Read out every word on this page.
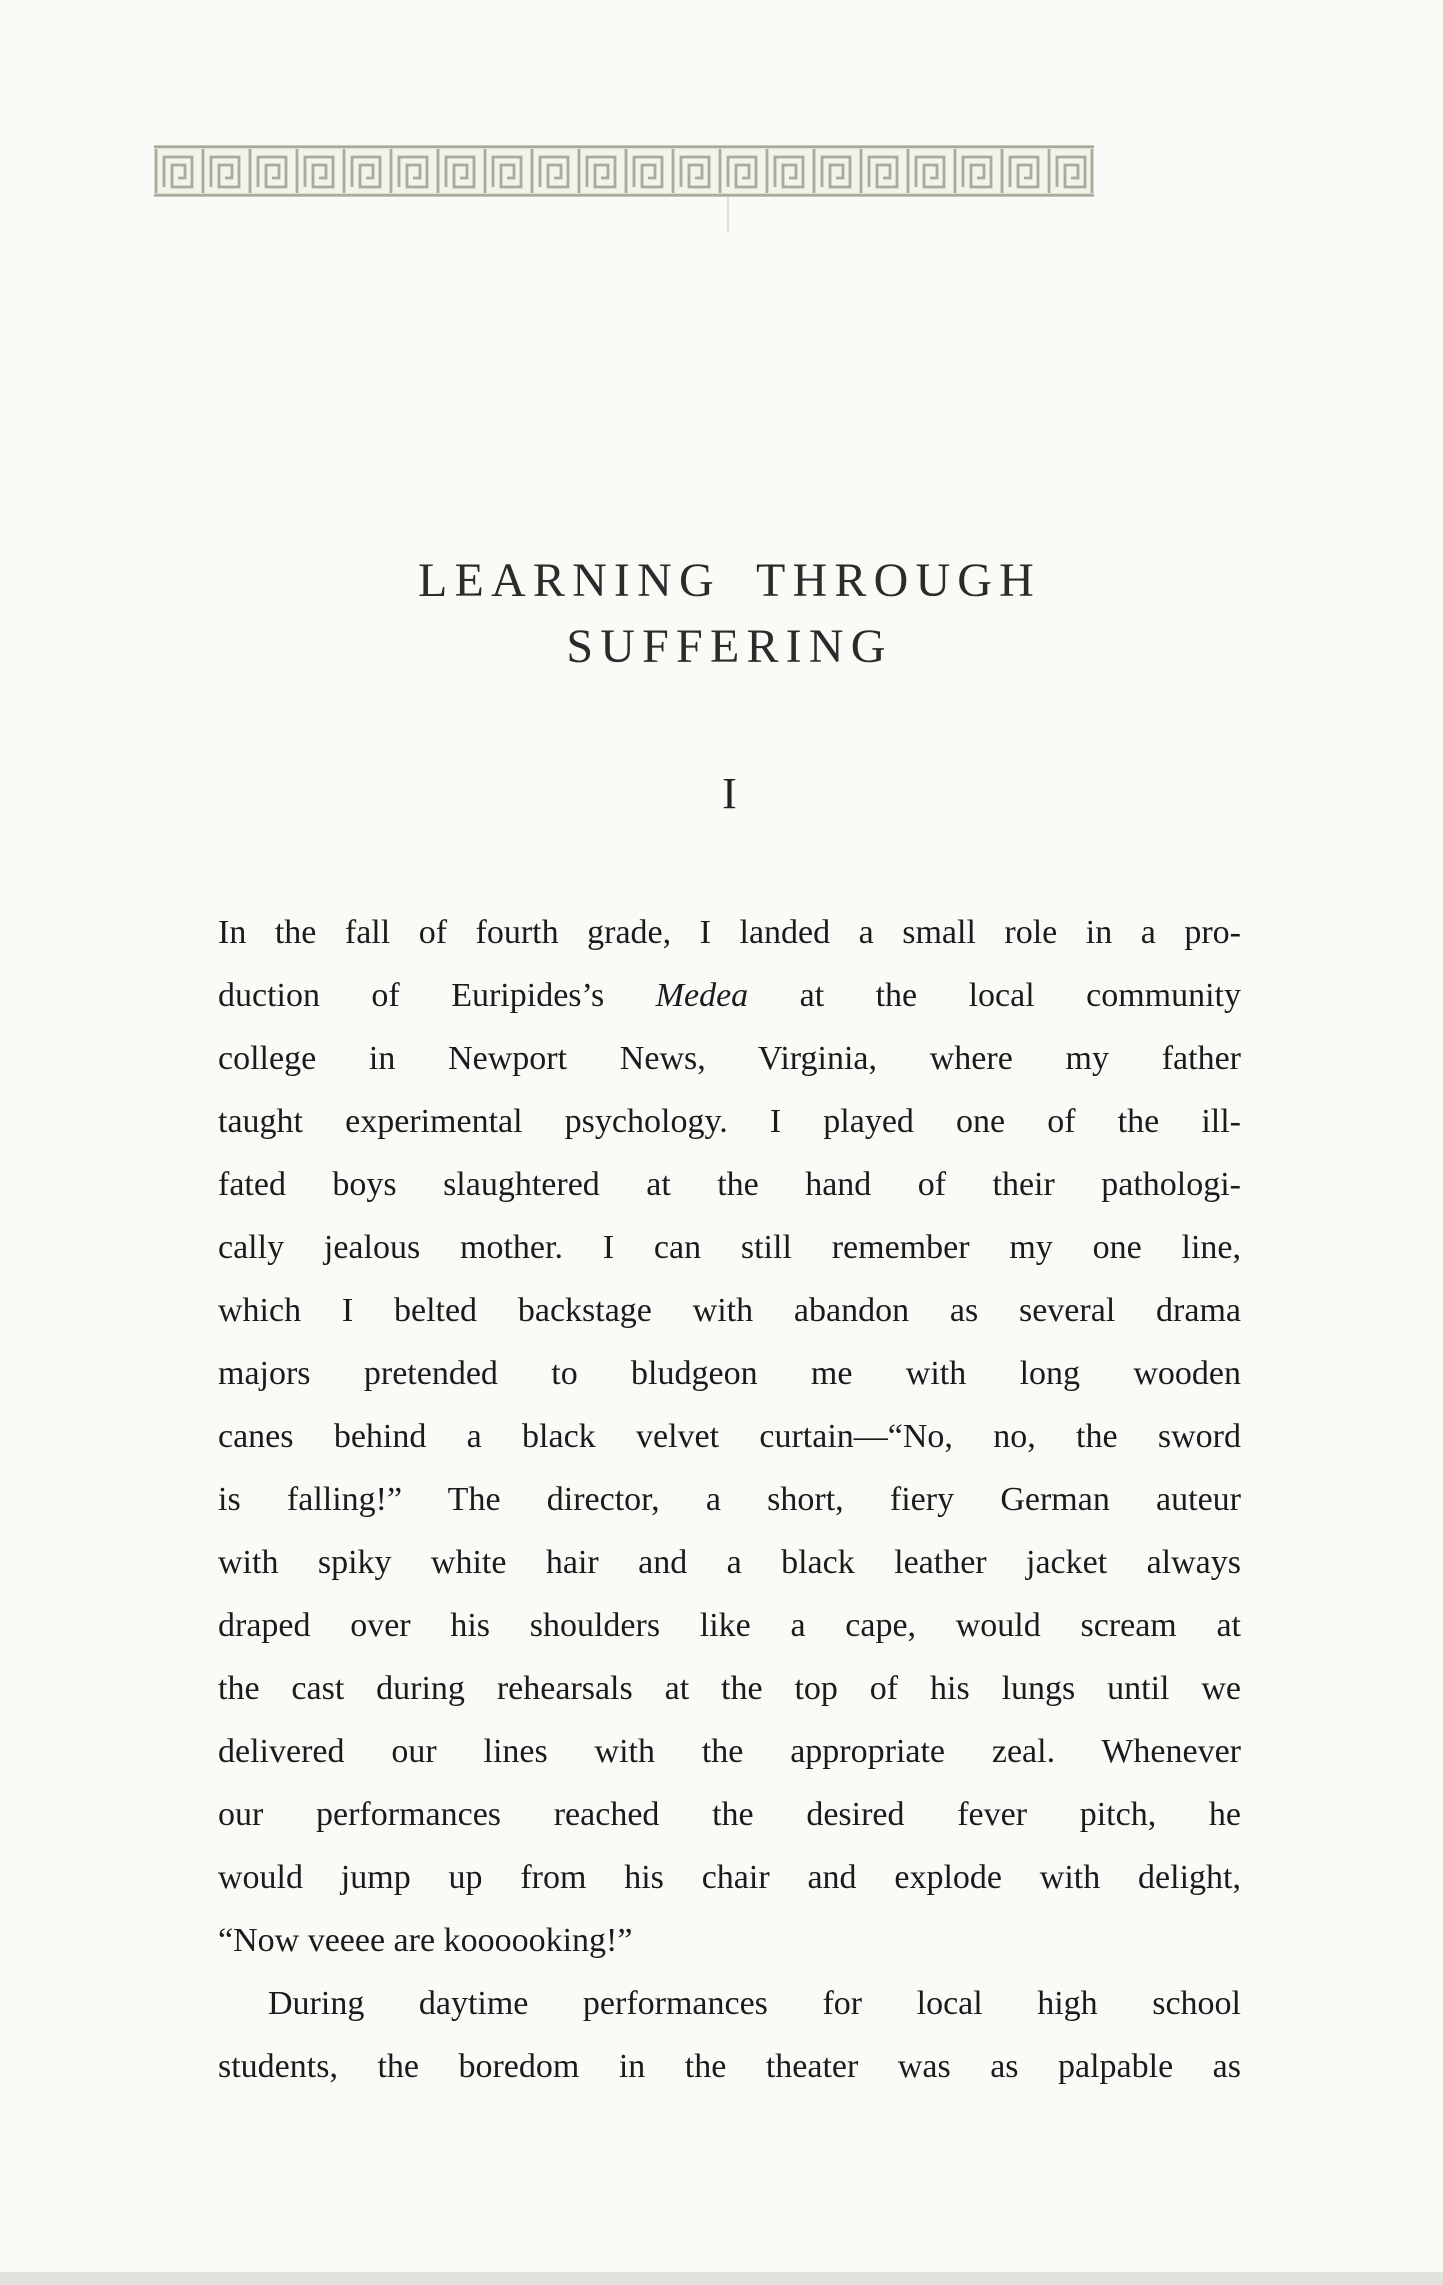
LEARNING THROUGH
SUFFERING
I
In the fall of fourth grade, I landed a small role in a pro-
duction of Euripides’s Medea at the local community
college in Newport News, Virginia, where my father
taught experimental psychology. I played one of the ill-
fated boys slaughtered at the hand of their pathologi-
cally jealous mother. I can still remember my one line,
which I belted backstage with abandon as several drama
majors pretended to bludgeon me with long wooden
canes behind a black velvet curtain—“No, no, the sword
is falling!” The director, a short, fiery German auteur
with spiky white hair and a black leather jacket always
draped over his shoulders like a cape, would scream at
the cast during rehearsals at the top of his lungs until we
delivered our lines with the appropriate zeal. Whenever
our performances reached the desired fever pitch, he
would jump up from his chair and explode with delight,
“Now veeee are koooooking!”
During daytime performances for local high school
students, the boredom in the theater was as palpable as
